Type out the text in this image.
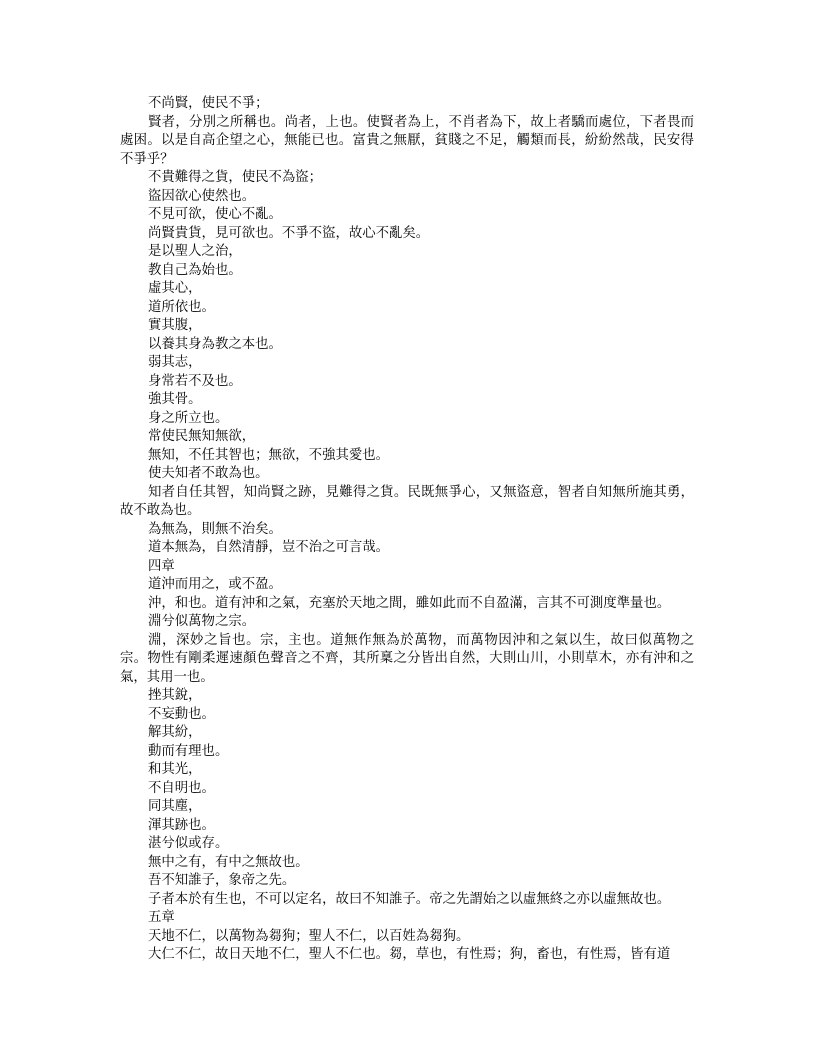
不尚賢，使民不爭；

賢者，分別之所稱也。尚者，上也。使賢者為上，不肖者為下，故上者驕而處位，下者畏而處困。以是自高企望之心，無能已也。富貴之無厭，貧賤之不足，觸類而長，紛紛然哉，民安得不爭乎？

不貴難得之貨，使民不為盜；

盜因欲心使然也。

不見可欲，使心不亂。

尚賢貴貨，見可欲也。不爭不盜，故心不亂矣。

是以聖人之治，

教自己為始也。

虛其心，

道所依也。

實其腹，

以養其身為教之本也。

弱其志，

身常若不及也。

強其骨。

身之所立也。

常使民無知無欲，

無知，不任其智也；無欲，不強其愛也。

使夫知者不敢為也。

知者自任其智，知尚賢之跡，見難得之貨。民既無爭心，又無盜意，智者自知無所施其勇，故不敢為也。

為無為，則無不治矣。

道本無為，自然清靜，豈不治之可言哉。

四章

道沖而用之，或不盈。

沖，和也。道有沖和之氣，充塞於天地之間，雖如此而不自盈滿，言其不可測度準量也。

淵兮似萬物之宗。

淵，深妙之旨也。宗，主也。道無作無為於萬物，而萬物因沖和之氣以生，故曰似萬物之宗。物性有剛柔遲速顏色聲音之不齊，其所稟之分皆出自然，大則山川，小則草木，亦有沖和之氣，其用一也。

挫其銳，

不妄動也。

解其紛，

動而有理也。

和其光，

不自明也。

同其塵，

渾其跡也。

湛兮似或存。

無中之有，有中之無故也。

吾不知誰子，象帝之先。

子者本於有生也，不可以定名，故曰不知誰子。帝之先謂始之以虛無終之亦以虛無故也。

五章

天地不仁，以萬物為芻狗；聖人不仁，以百姓為芻狗。

大仁不仁，故日天地不仁，聖人不仁也。芻，草也，有性焉；狗，畜也，有性焉，皆有道
